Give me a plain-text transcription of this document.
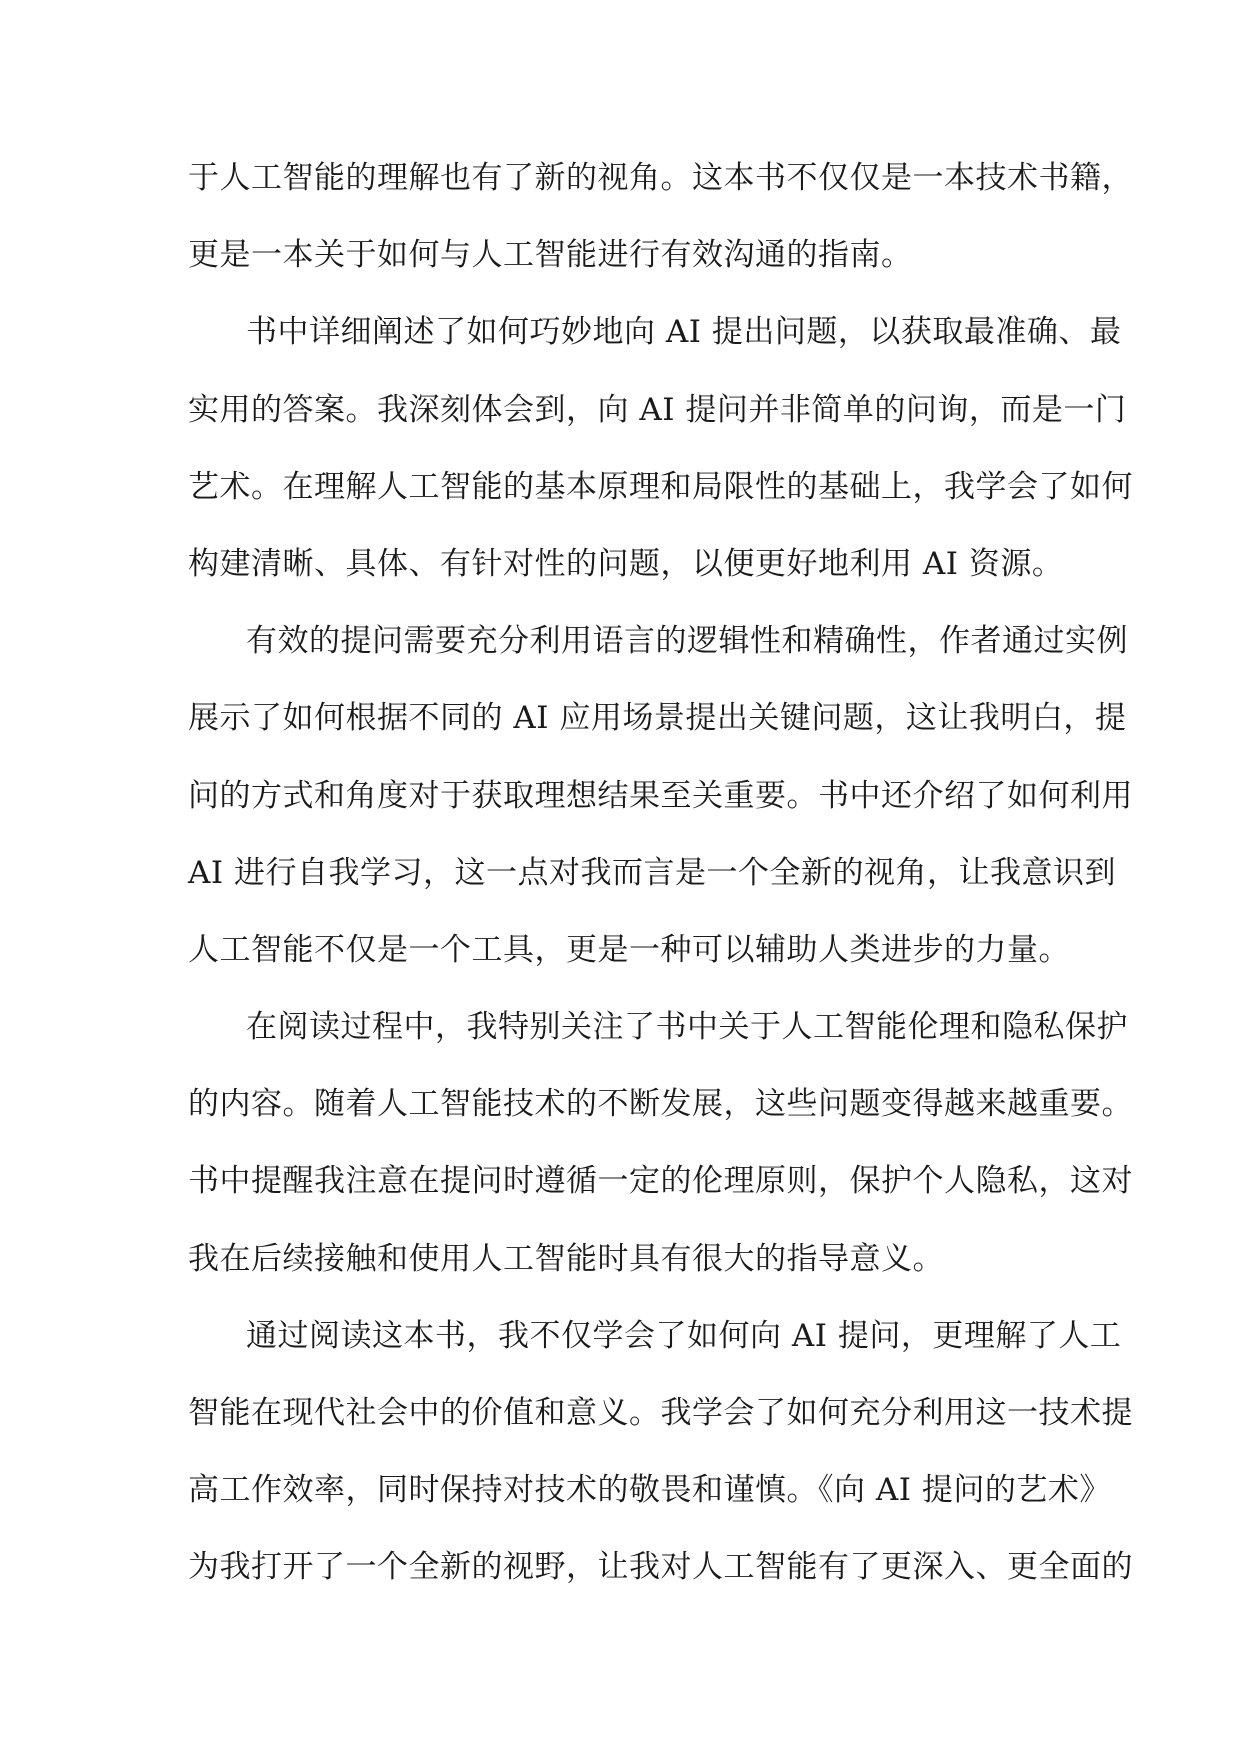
于人工智能的理解也有了新的视角。这本书不仅仅是一本技术书籍，
更是一本关于如何与人工智能进行有效沟通的指南。
书中详细阐述了如何巧妙地向 AI 提出问题，以获取最准确、最
实用的答案。我深刻体会到，向 AI 提问并非简单的问询，而是一门
艺术。在理解人工智能的基本原理和局限性的基础上，我学会了如何
构建清晰、具体、有针对性的问题，以便更好地利用 AI 资源。
有效的提问需要充分利用语言的逻辑性和精确性，作者通过实例
展示了如何根据不同的 AI 应用场景提出关键问题，这让我明白，提
问的方式和角度对于获取理想结果至关重要。书中还介绍了如何利用
AI 进行自我学习，这一点对我而言是一个全新的视角，让我意识到
人工智能不仅是一个工具，更是一种可以辅助人类进步的力量。
在阅读过程中，我特别关注了书中关于人工智能伦理和隐私保护
的内容。随着人工智能技术的不断发展，这些问题变得越来越重要。
书中提醒我注意在提问时遵循一定的伦理原则，保护个人隐私，这对
我在后续接触和使用人工智能时具有很大的指导意义。
通过阅读这本书，我不仅学会了如何向 AI 提问，更理解了人工
智能在现代社会中的价值和意义。我学会了如何充分利用这一技术提
高工作效率，同时保持对技术的敬畏和谨慎。《向 AI 提问的艺术》
为我打开了一个全新的视野，让我对人工智能有了更深入、更全面的
